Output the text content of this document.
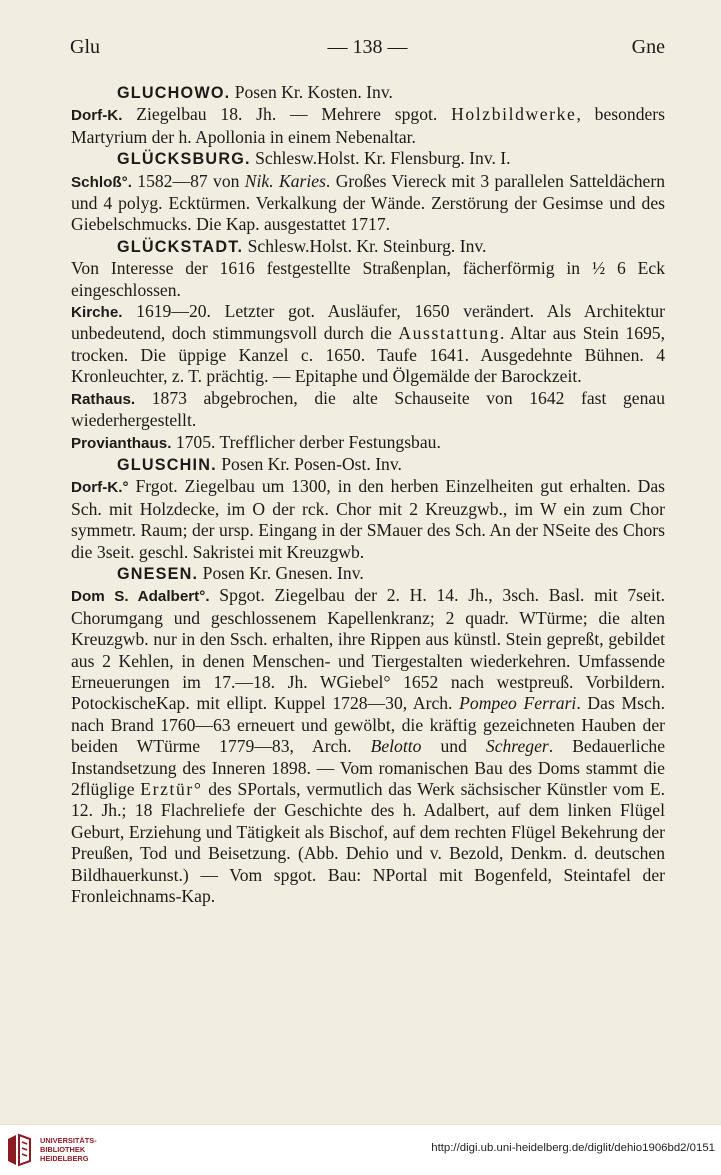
Glu	— 138 —	Gne

GLUCHOWO. Posen Kr. Kosten. Inv.

Dorf-K. Ziegelbau 18. Jh. — Mehrere spgot. Holzbildwerke, besonders Martyrium der h. Apollonia in einem Nebenaltar.

GLÜCKSBURG. Schlesw.Holst. Kr. Flensburg. Inv. I.

Schloß°. 1582—87 von Nik. Karies. Großes Viereck mit 3 parallelen Satteldächern und 4 polyg. Ecktürmen. Verkalkung der Wände. Zerstörung der Gesimse und des Giebelschmucks. Die Kap. ausgestattet 1717.

GLÜCKSTADT. Schlesw.Holst. Kr. Steinburg. Inv.

Von Interesse der 1616 festgestellte Straßenplan, fächerförmig in ½ 6 Eck eingeschlossen.

Kirche. 1619—20. Letzter got. Ausläufer, 1650 verändert. Als Architektur unbedeutend, doch stimmungsvoll durch die Ausstattung. Altar aus Stein 1695, trocken. Die üppige Kanzel c. 1650. Taufe 1641. Ausgedehnte Bühnen. 4 Kronleuchter, z. T. prächtig. — Epitaphe und Ölgemälde der Barockzeit.

Rathaus. 1873 abgebrochen, die alte Schauseite von 1642 fast genau wiederhergestellt.

Provianthaus. 1705. Trefflicher derber Festungsbau.

GLUSCHIN. Posen Kr. Posen-Ost. Inv.

Dorf-K.° Frgot. Ziegelbau um 1300, in den herben Einzelheiten gut erhalten. Das Sch. mit Holzdecke, im O der rck. Chor mit 2 Kreuzgwb., im W ein zum Chor symmetr. Raum; der ursp. Eingang in der SMauer des Sch. An der NSeite des Chors die 3seit. geschl. Sakristei mit Kreuzgwb.

GNESEN. Posen Kr. Gnesen. Inv.

Dom S. Adalbert°. Spgot. Ziegelbau der 2. H. 14. Jh., 3sch. Basl. mit 7seit. Chorumgang und geschlossenem Kapellenkranz; 2 quadr. WTürme; die alten Kreuzgwb. nur in den Ssch. erhalten, ihre Rippen aus künstl. Stein gepreßt, gebildet aus 2 Kehlen, in denen Menschen- und Tiergestalten wiederkehren. Umfassende Erneuerungen im 17.—18. Jh. WGiebel° 1652 nach westpreuß. Vorbildern. PotockischeKap. mit ellipt. Kuppel 1728—30, Arch. Pompeo Ferrari. Das Msch. nach Brand 1760—63 erneuert und gewölbt, die kräftig gezeichneten Hauben der beiden WTürme 1779—83, Arch. Belotto und Schreger. Bedauerliche Instandsetzung des Inneren 1898. — Vom romanischen Bau des Doms stammt die 2flüglige Erztür° des SPortals, vermutlich das Werk sächsischer Künstler vom E. 12. Jh.; 18 Flachreliefe der Geschichte des h. Adalbert, auf dem linken Flügel Geburt, Erziehung und Tätigkeit als Bischof, auf dem rechten Flügel Bekehrung der Preußen, Tod und Beisetzung. (Abb. Dehio und v. Bezold, Denkm. d. deutschen Bildhauerkunst.) — Vom spgot. Bau: NPortal mit Bogenfeld, Steintafel der Fronleichnams-Kap.

UNIVERSITÄTS-
BIBLIOTHEK
HEIDELBERG
http://digi.ub.uni-heidelberg.de/diglit/dehio1906bd2/0151
